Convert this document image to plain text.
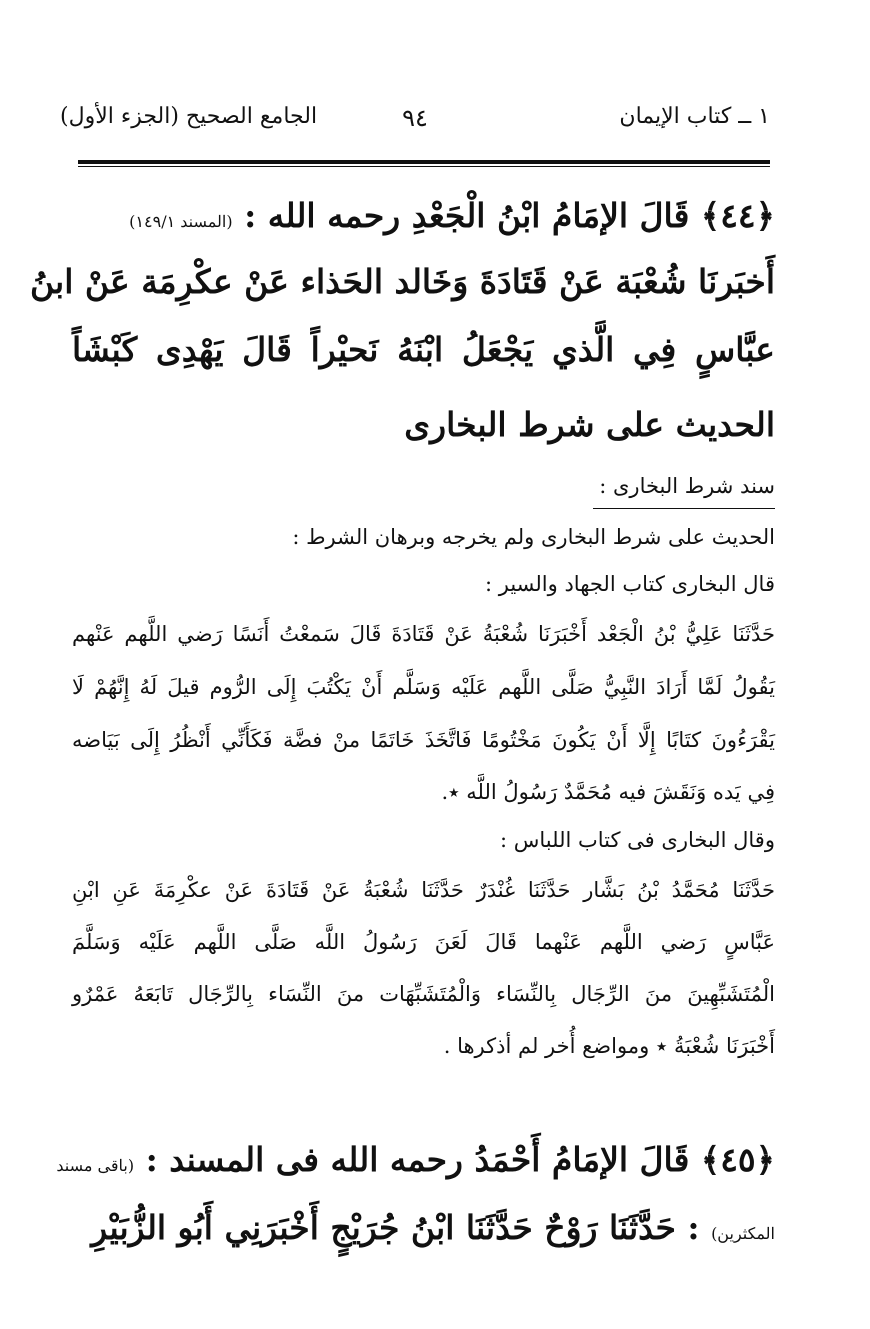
١ ــ كتاب الإيمان
٩٤
الجامع الصحيح (الجزء الأول)
﴿٤٤﴾ قَالَ الإمَامُ ابْنُ الْجَعْدِ رحمه الله : (المسند ١٤٩/١)
أَخبَرنَا شُعْبَة عَنْ قَتَادَةَ وَخَالد الحَذاء عَنْ عكْرِمَة عَنْ ابنُ
عبَّاسٍ فِي الَّذي يَجْعَلُ ابْنَهُ نَحيْراً قَالَ يَهْدِى كَبْشَاً
الحديث على شرط البخارى
سند شرط البخارى :
الحديث على شرط البخارى ولم يخرجه وبرهان الشرط :
قال البخارى كتاب الجهاد والسير :
حَدَّثَنَا عَلِيُّ بْنُ الْجَعْد أَخْبَرَنَا شُعْبَةُ عَنْ قَتَادَةَ قَالَ سَمعْتُ أَنَسًا رَضي اللَّهم عَنْهم
يَقُولُ لَمَّا أَرَادَ النَّبِيُّ صَلَّى اللَّهم عَلَيْه وَسَلَّم أَنْ يَكْتُبَ إِلَى الرُّوم قيلَ لَهُ إِنَّهُمْ لَا
يَقْرَءُونَ كتَابًا إِلَّا أَنْ يَكُونَ مَخْتُومًا فَاتَّخَذَ خَاتَمًا منْ فضَّة فَكَأَنِّي أَنْظُرُ إِلَى بَيَاضه
فِي يَده وَنَقَشَ فيه مُحَمَّدٌ رَسُولُ اللَّه ٭.
وقال البخارى فى كتاب اللباس :
حَدَّثَنَا مُحَمَّدُ بْنُ بَشَّار حَدَّثَنَا غُنْدَرٌ حَدَّثَنَا شُعْبَةُ عَنْ قَتَادَةَ عَنْ عكْرِمَةَ عَنِ ابْنِ
عَبَّاسٍ رَضي اللَّهم عَنْهما قَالَ لَعَنَ رَسُولُ اللَّه صَلَّى اللَّهم عَلَيْه وَسَلَّمَ
الْمُتَشَبِّهِينَ منَ الرِّجَال بِالنِّسَاء وَالْمُتَشَبِّهَات منَ النِّسَاء بِالرِّجَال تَابَعَهُ عَمْرٌو
أَخْبَرَنَا شُعْبَةُ ٭ ومواضع أُخر لم أذكرها .
﴿٤٥﴾ قَالَ الإمَامُ أَحْمَدُ رحمه الله فى المسند : (باقى مسند
المكثرين) : حَدَّثَنَا رَوْحٌ حَدَّثَنَا ابْنُ جُرَيْجٍ أَخْبَرَنِي أَبُو الزُّبَيْرِ
